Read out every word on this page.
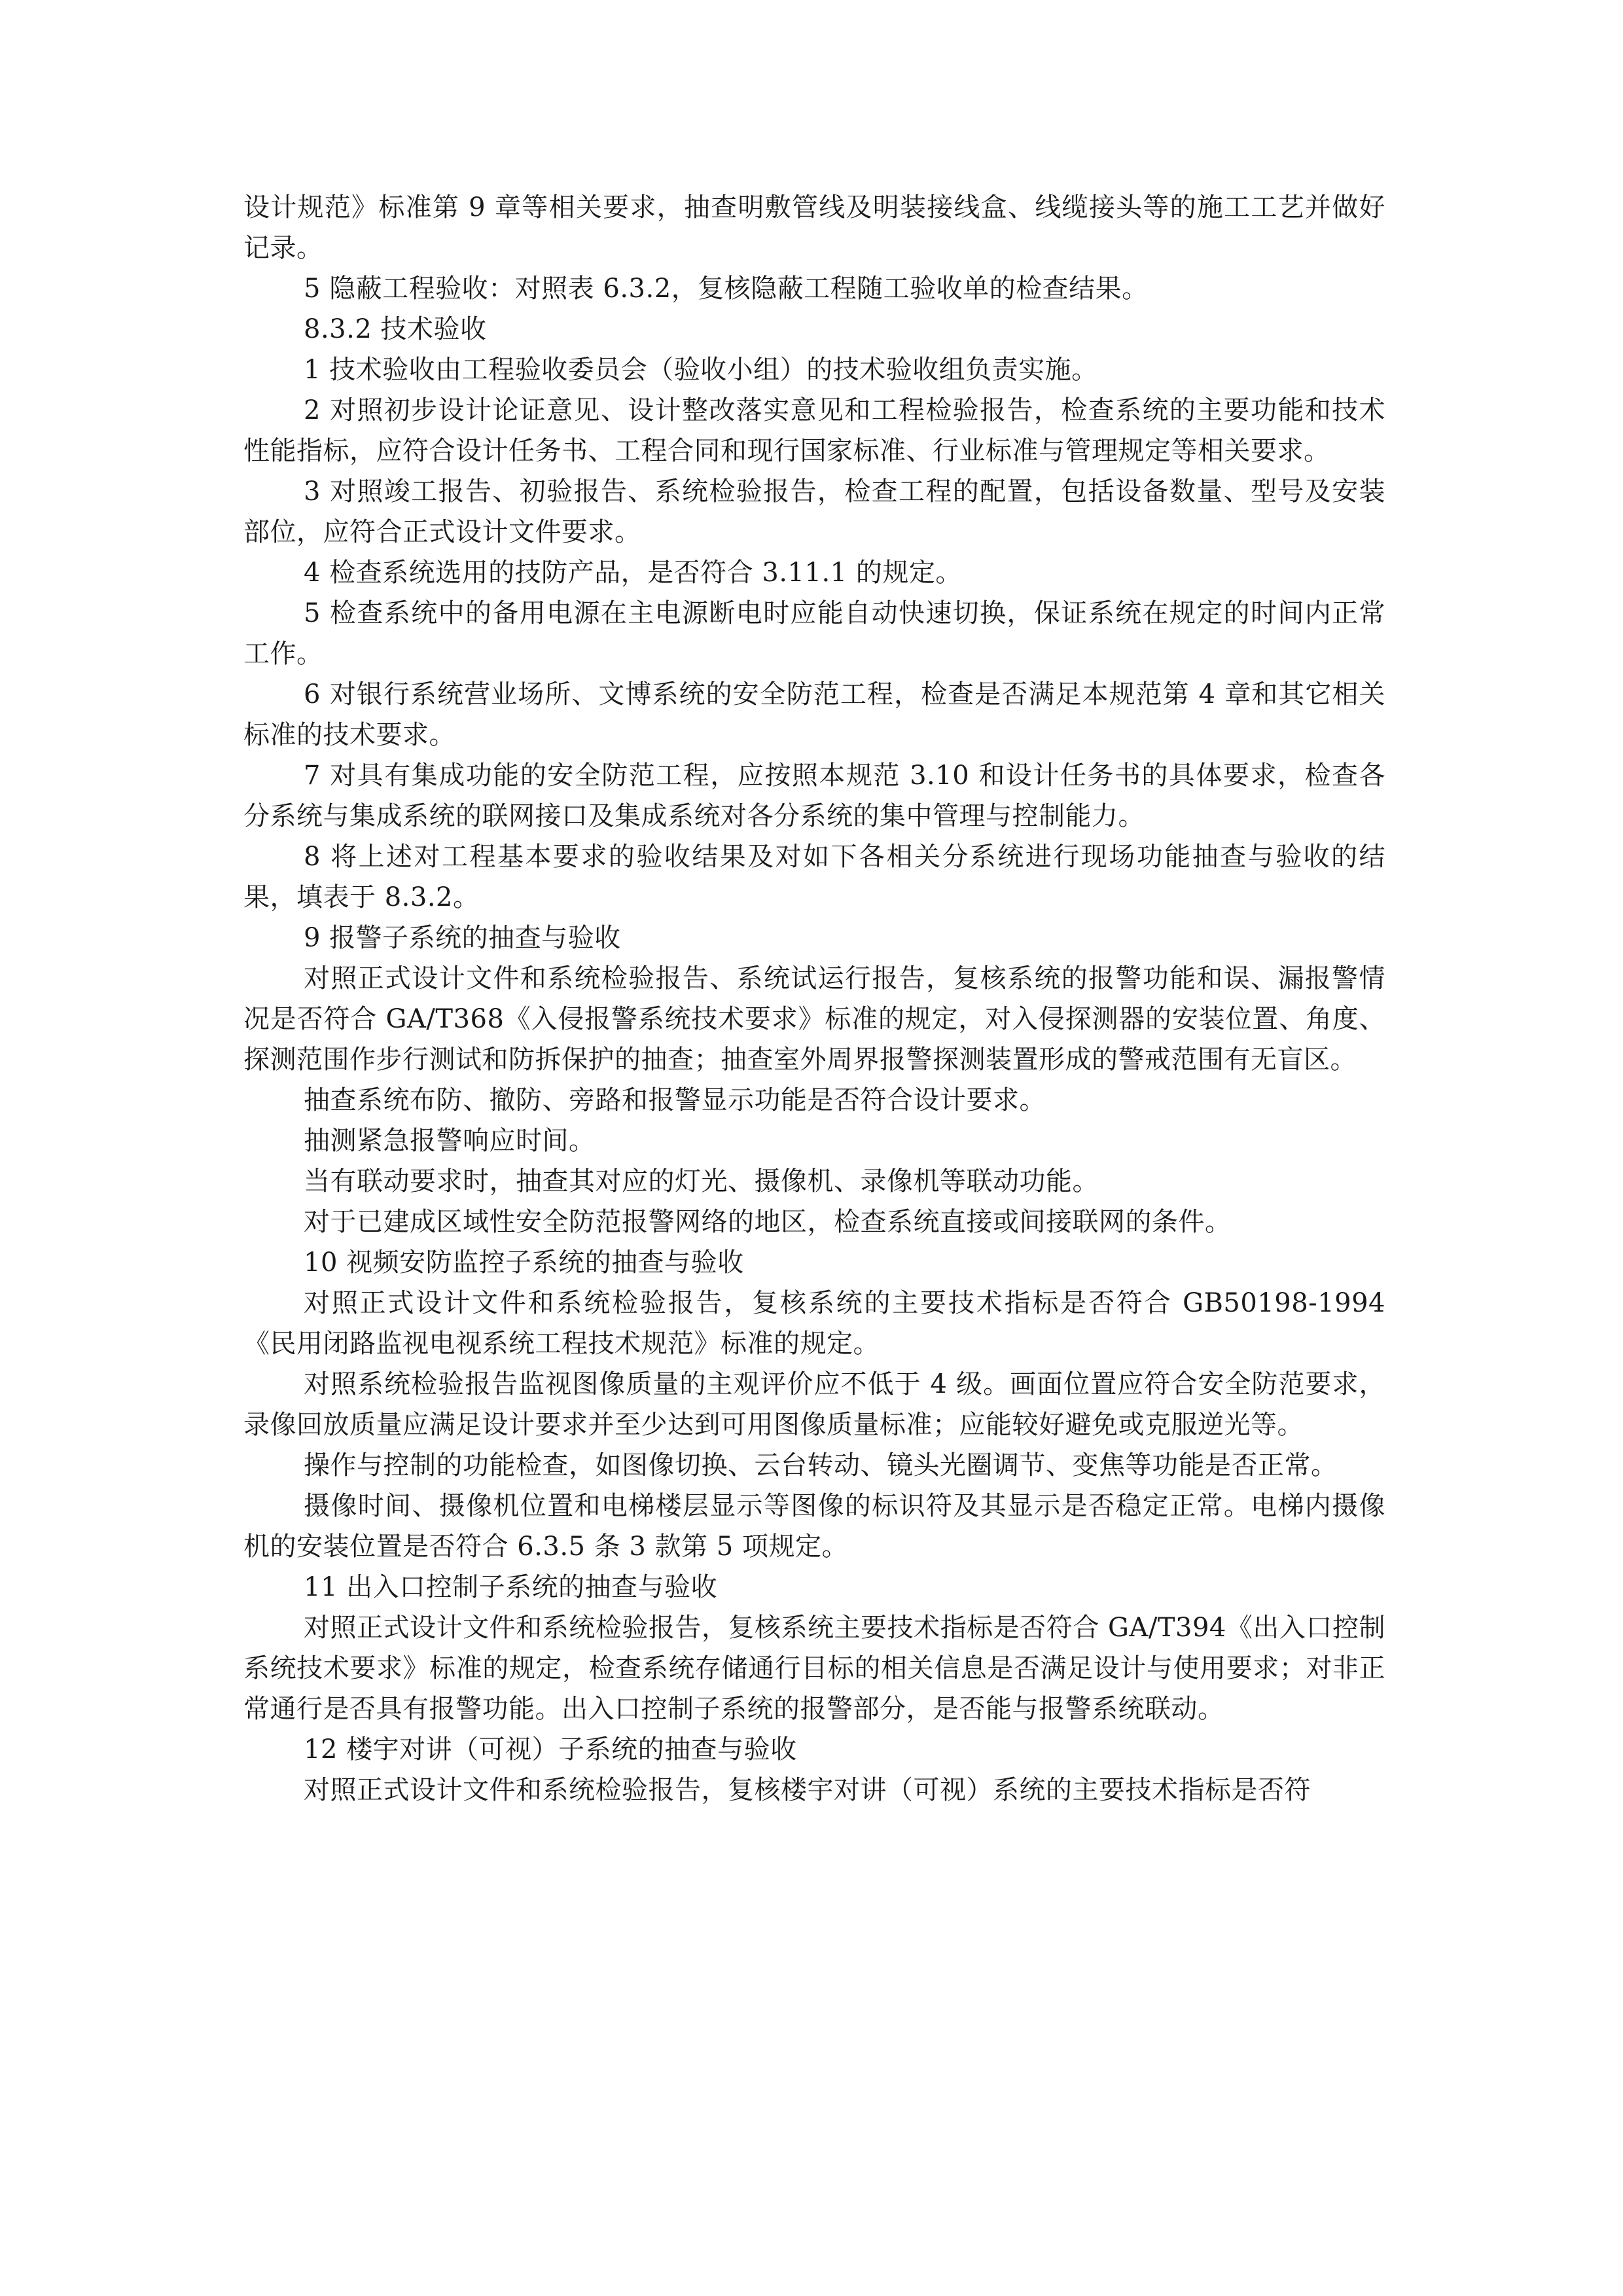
设计规范》标准第 9 章等相关要求，抽查明敷管线及明装接线盒、线缆接头等的施工工艺并做好记录。

5 隐蔽工程验收：对照表 6.3.2，复核隐蔽工程随工验收单的检查结果。

8.3.2 技术验收

1 技术验收由工程验收委员会（验收小组）的技术验收组负责实施。

2 对照初步设计论证意见、设计整改落实意见和工程检验报告，检查系统的主要功能和技术性能指标，应符合设计任务书、工程合同和现行国家标准、行业标准与管理规定等相关要求。

3 对照竣工报告、初验报告、系统检验报告，检查工程的配置，包括设备数量、型号及安装部位，应符合正式设计文件要求。

4 检查系统选用的技防产品，是否符合 3.11.1 的规定。

5 检查系统中的备用电源在主电源断电时应能自动快速切换，保证系统在规定的时间内正常工作。

6 对银行系统营业场所、文博系统的安全防范工程，检查是否满足本规范第 4 章和其它相关标准的技术要求。

7 对具有集成功能的安全防范工程，应按照本规范 3.10 和设计任务书的具体要求，检查各分系统与集成系统的联网接口及集成系统对各分系统的集中管理与控制能力。

8 将上述对工程基本要求的验收结果及对如下各相关分系统进行现场功能抽查与验收的结果，填表于 8.3.2。

9 报警子系统的抽查与验收

对照正式设计文件和系统检验报告、系统试运行报告，复核系统的报警功能和误、漏报警情况是否符合 GA/T368《入侵报警系统技术要求》标准的规定，对入侵探测器的安装位置、角度、探测范围作步行测试和防拆保护的抽查；抽查室外周界报警探测装置形成的警戒范围有无盲区。

抽查系统布防、撤防、旁路和报警显示功能是否符合设计要求。

抽测紧急报警响应时间。

当有联动要求时，抽查其对应的灯光、摄像机、录像机等联动功能。

对于已建成区域性安全防范报警网络的地区，检查系统直接或间接联网的条件。

10 视频安防监控子系统的抽查与验收

对照正式设计文件和系统检验报告，复核系统的主要技术指标是否符合 GB50198-1994《民用闭路监视电视系统工程技术规范》标准的规定。

对照系统检验报告监视图像质量的主观评价应不低于 4 级。画面位置应符合安全防范要求，录像回放质量应满足设计要求并至少达到可用图像质量标准；应能较好避免或克服逆光等。

操作与控制的功能检查，如图像切换、云台转动、镜头光圈调节、变焦等功能是否正常。

摄像时间、摄像机位置和电梯楼层显示等图像的标识符及其显示是否稳定正常。电梯内摄像机的安装位置是否符合 6.3.5 条 3 款第 5 项规定。

11 出入口控制子系统的抽查与验收

对照正式设计文件和系统检验报告，复核系统主要技术指标是否符合 GA/T394《出入口控制系统技术要求》标准的规定，检查系统存储通行目标的相关信息是否满足设计与使用要求；对非正常通行是否具有报警功能。出入口控制子系统的报警部分，是否能与报警系统联动。

12 楼宇对讲（可视）子系统的抽查与验收

对照正式设计文件和系统检验报告，复核楼宇对讲（可视）系统的主要技术指标是否符
